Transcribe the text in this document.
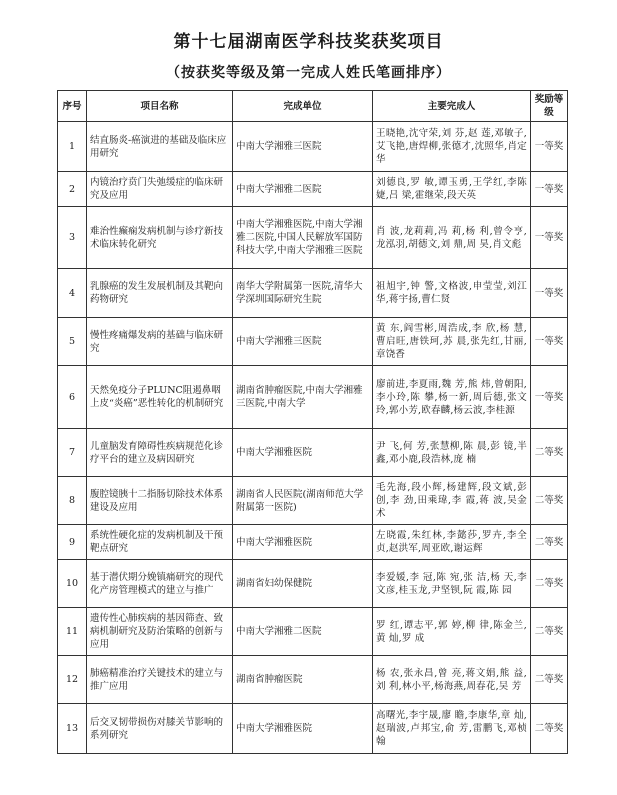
第十七届湖南医学科技奖获奖项目
（按获奖等级及第一完成人姓氏笔画排序）
序号	项目名称	完成单位	主要完成人	奖励等级
1	结直肠炎-癌演进的基础及临床应用研究	中南大学湘雅三医院	王晓艳,沈守荣,刘 芬,赵 莲,邓敏子,艾飞艳,唐焊柳,张德才,沈照华,肖定华	一等奖
2	内镜治疗贲门失弛缓症的临床研究及应用	中南大学湘雅二医院	刘德良,罗 敏,谭玉勇,王学红,李陈婕,吕 梁,霍继荣,段天英	一等奖
3	难治性癫痫发病机制与诊疗新技术临床转化研究	中南大学湘雅医院,中南大学湘雅二医院,中国人民解放军国防科技大学,中南大学湘雅三医院	肖 波,龙莉莉,冯 莉,杨 利,曾令亨,龙泓羽,胡德文,刘 鼎,周 昊,肖文彪	一等奖
4	乳腺癌的发生发展机制及其靶向药物研究	南华大学附属第一医院,清华大学深圳国际研究生院	祖旭宇,钟 警,文格波,申莹莹,刘江华,蒋宇扬,曹仁贤	一等奖
5	慢性疼痛爆发病的基础与临床研究	中南大学湘雅三医院	黄 东,阎雪彬,周浩成,李 欣,杨 慧,曹启旺,唐铁珂,苏 晨,张先红,甘丽,章饶香	一等奖
6	天然免疫分子PLUNC阻遏鼻咽上皮“炎癌”恶性转化的机制研究	湖南省肿瘤医院,中南大学湘雅三医院,中南大学	廖前进,李夏雨,魏 芳,熊 炜,曾朝阳,李小玲,陈 攀,杨一新,周后德,张文玲,郭小芳,欧春麟,杨云波,李桂源	一等奖
7	儿童脑发育障碍性疾病规范化诊疗平台的建立及病因研究	中南大学湘雅医院	尹 飞,何 芳,张慧柳,陈 晨,彭 镜,半 鑫,邓小鹿,段浩林,庞 楠	二等奖
8	腹腔镜胰十二指肠切除技术体系建设及应用	湖南省人民医院(湖南师范大学附属第一医院)	毛先海,段小辉,杨建辉,段文斌,彭 创,李 劲,田乘瑋,李 霞,蒋 波,吴金术	二等奖
9	系统性硬化症的发病机制及干预靶点研究	中南大学湘雅医院	左晓霞,朱红林,李懿莎,罗卉,李全贞,赵洪军,周亚欧,谢运辉	二等奖
10	基于潜伏期分娩镇痛研究的现代化产房管理模式的建立与推广	湖南省妇幼保健院	李爱媛,李 冠,陈 宛,张 洁,杨 天,李文彦,桂玉龙,尹坚钡,阮 霞,陈 园	二等奖
11	遗传性心肺疾病的基因筛查、致病机制研究及防治策略的创新与应用	中南大学湘雅二医院	罗 红,谭志平,郭 婷,柳 律,陈金兰,黄 灿,罗 成	二等奖
12	肺癌精准治疗关键技术的建立与推广应用	湖南省肿瘤医院	杨 农,张永昌,曾 亮,蒋文娟,熊 益,刘 利,林小平,杨海燕,周春花,吴 芳	二等奖
13	后交叉韧带损伤对膝关节影响的系列研究	中南大学湘雅医院	高曙光,李宇晟,廖 瞻,李康华,章 灿,赵瑞波,卢邦宝,俞 芳,雷鹏飞,邓桢翰	二等奖
